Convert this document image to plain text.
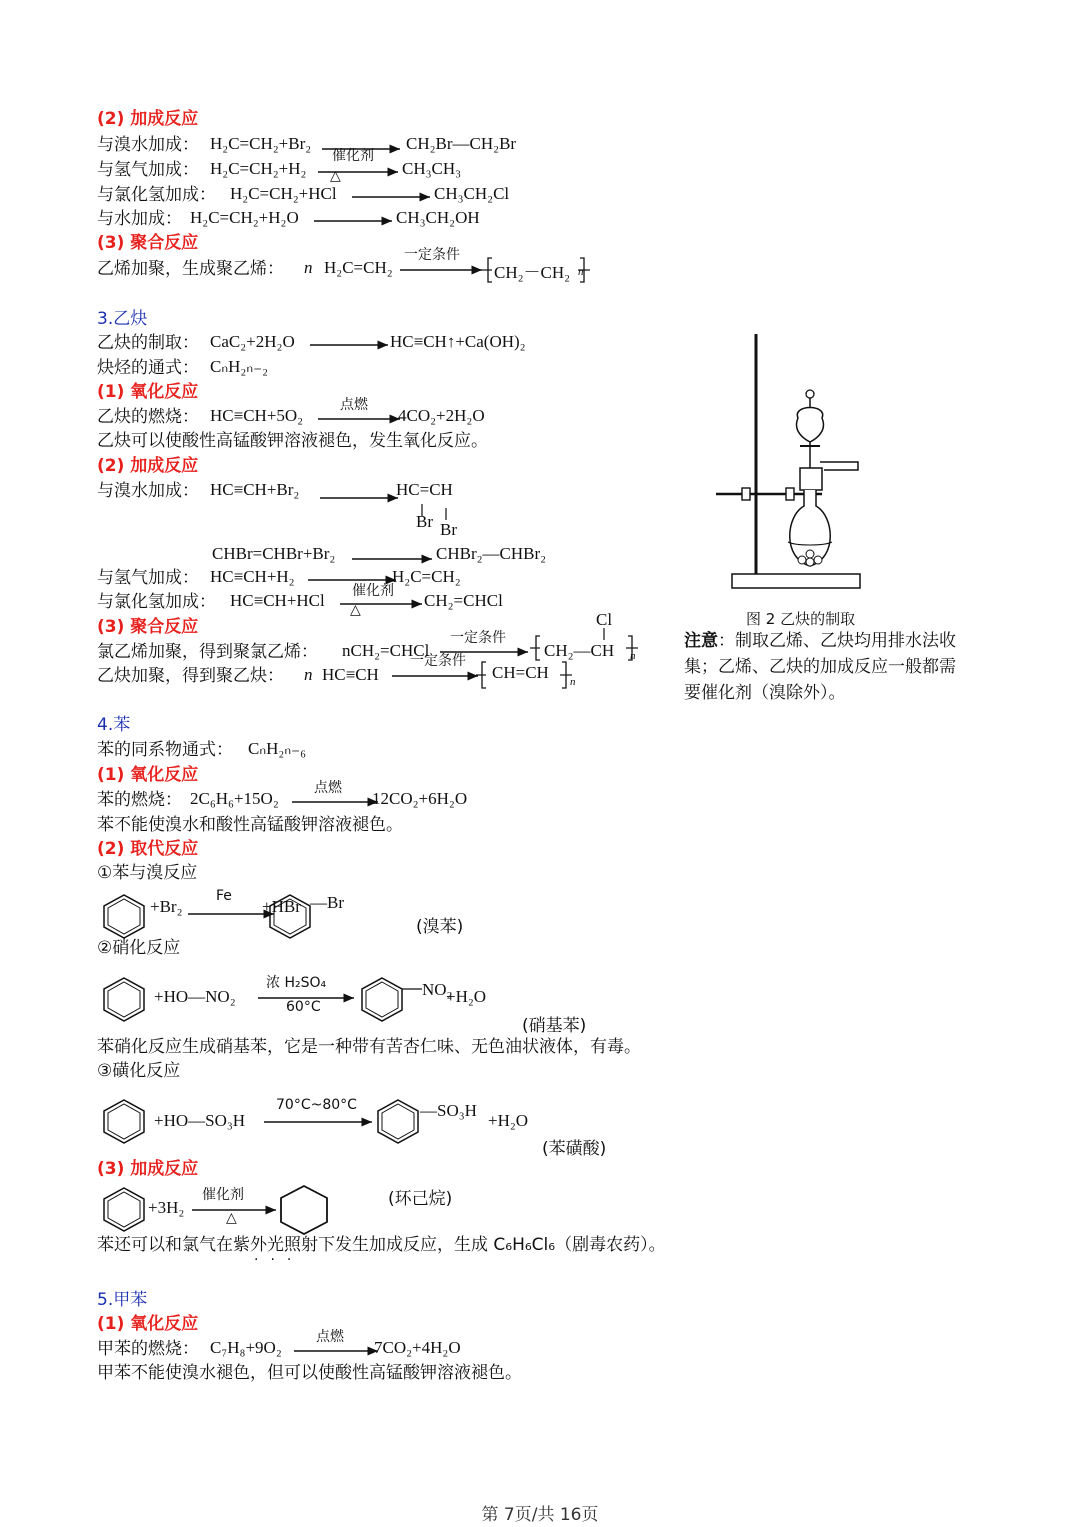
(2) 加成反应
与溴水加成： H₂C=CH₂+Br₂	CH₂Br—CH₂Br
与氢气加成： H₂C=CH₂+H₂
催化剂
△	CH₃CH₃
与氯化氢加成： H₂C=CH₂+HCl	CH₃CH₂Cl
与水加成： H₂C=CH₂+H₂O	CH₃CH₂OH
(3) 聚合反应
乙烯加聚，生成聚乙烯： n H₂C=CH₂
一定条件
CH₂－CH₂ n
3.乙炔
乙炔的制取： CaC₂+2H₂O	HC≡CH↑+Ca(OH)₂
炔烃的通式： CₙH₂ₙ₋₂
(1) 氧化反应
乙炔的燃烧： HC≡CH+5O₂
点燃
4CO₂+2H₂O
乙炔可以使酸性高锰酸钾溶液褪色，发生氧化反应。
(2) 加成反应
与溴水加成： HC≡CH+Br₂	HC=CH
Br Br
CHBr=CHBr+Br₂	CHBr₂—CHBr₂
与氢气加成： HC≡CH+H₂	H₂C=CH₂
与氯化氢加成： HC≡CH+HCl 催化剂
△	CH₂=CHCl
(3) 聚合反应
氯乙烯加聚，得到聚氯乙烯： nCH₂=CHCl
一定条件
Cl
CH₂—CH n
乙炔加聚，得到聚乙炔： n HC≡CH
一定条件
CH=CH n
图 2 乙炔的制取
注意：制取乙烯、乙炔均用排水法收集；乙烯、乙炔的加成反应一般都需要催化剂（溴除外）。
4.苯
苯的同系物通式： CₙH₂ₙ₋₆
(1) 氧化反应
苯的燃烧： 2C₆H₆+15O₂
点燃
12CO₂+6H₂O
苯不能使溴水和酸性高锰酸钾溶液褪色。
(2) 取代反应
①苯与溴反应
+Br₂
Fe
+HBr —Br
(溴苯)
②硝化反应
+HO—NO₂
浓 H₂SO₄
60°C
NO₂
+H₂O
(硝基苯)
苯硝化反应生成硝基苯，它是一种带有苦杏仁味、无色油状液体，有毒。
③磺化反应
+HO—SO₃H
70°C~80°C	—SO₃H
+H₂O
(苯磺酸)
(3) 加成反应
+3H₂
催化剂
△
(环己烷)
苯还可以和氯气在紫外光照射下发生加成反应，生成 C₆H₆Cl₆（剧毒农药）。
···
5.甲苯
(1) 氧化反应
甲苯的燃烧： C₇H₈+9O₂
点燃
7CO₂+4H₂O
甲苯不能使溴水褪色，但可以使酸性高锰酸钾溶液褪色。
第 7页/共 16页
